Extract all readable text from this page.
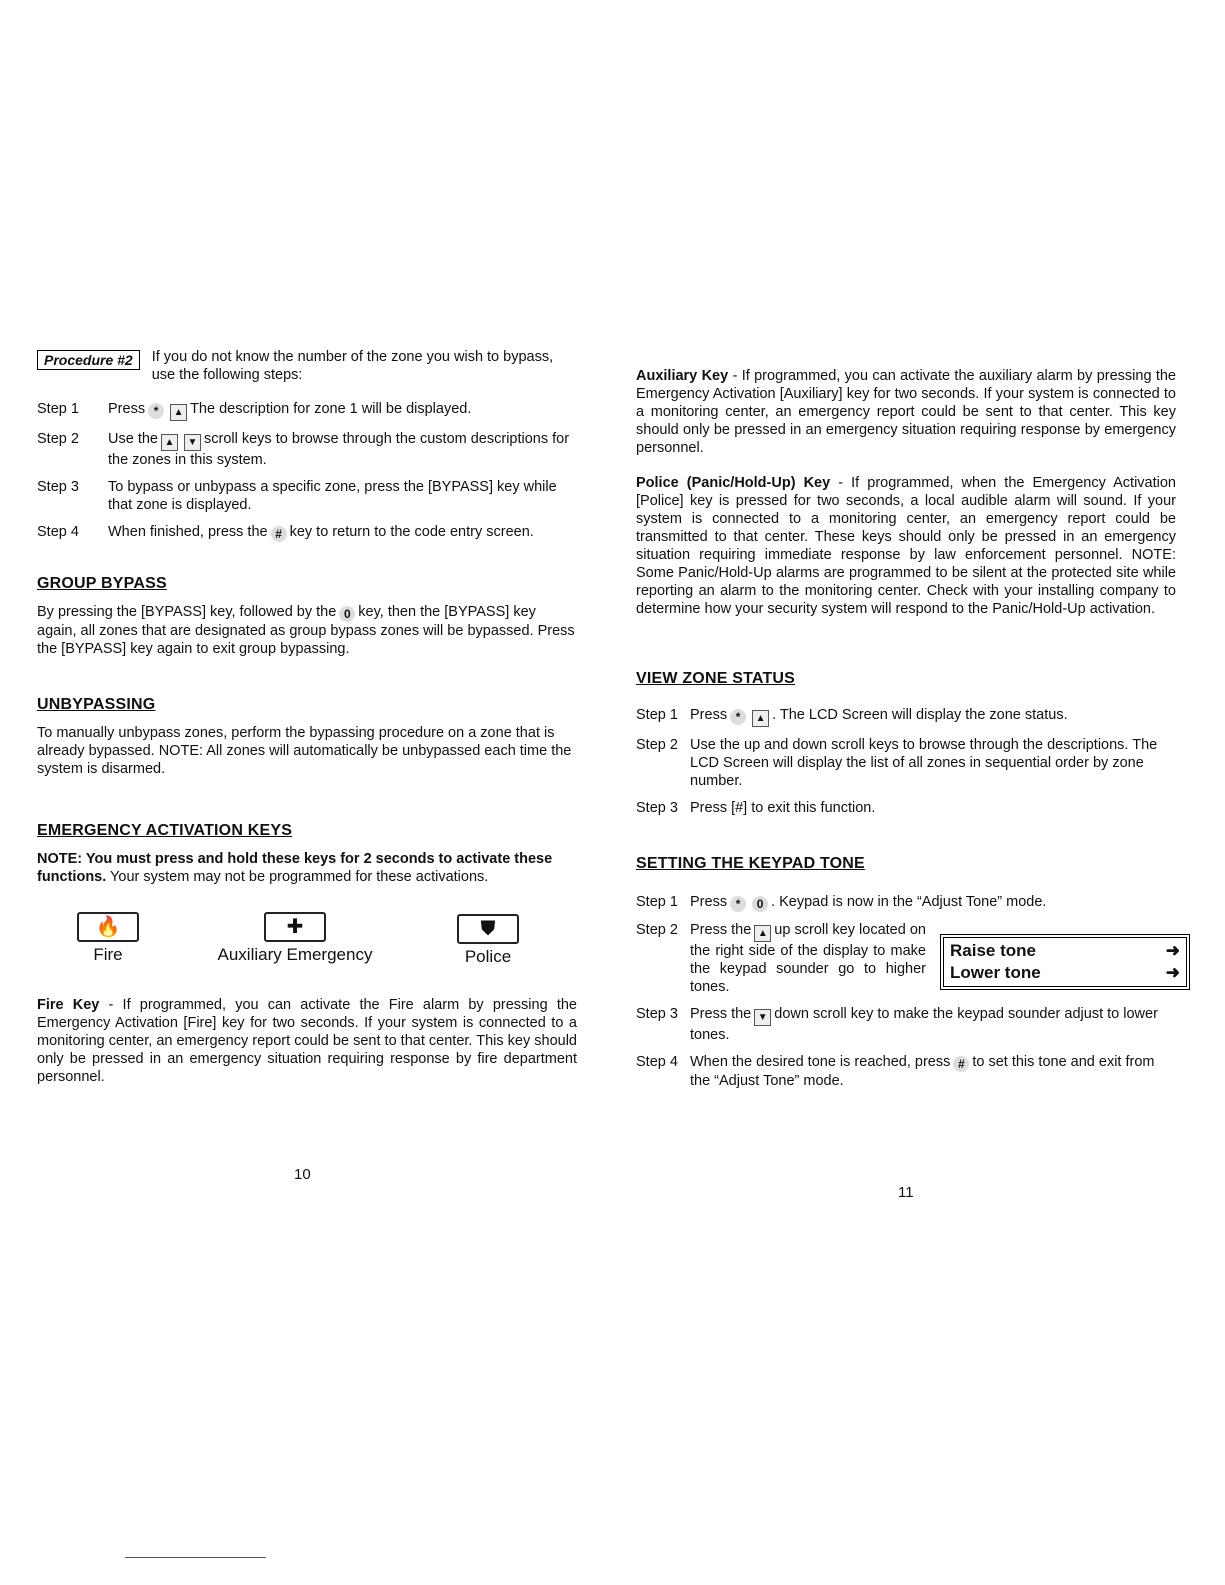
Procedure #2	If you do not know the number of the zone you wish to bypass, use the following steps:
Step 1	Press * ▲ The description for zone 1 will be displayed.
Step 2	Use the ▲ ▼ scroll keys to browse through the custom descriptions for the zones in this system.
Step 3	To bypass or unbypass a specific zone, press the [BYPASS] key while that zone is displayed.
Step 4	When finished, press the # key to return to the code entry screen.
GROUP BYPASS
By pressing the [BYPASS] key, followed by the 0 key, then the [BYPASS] key again, all zones that are designated as group bypass zones will be bypassed. Press the [BYPASS] key again to exit group bypassing.
UNBYPASSING
To manually unbypass zones, perform the bypassing procedure on a zone that is already bypassed. NOTE: All zones will automatically be unbypassed each time the system is disarmed.
EMERGENCY ACTIVATION KEYS
NOTE: You must press and hold these keys for 2 seconds to activate these functions. Your system may not be programmed for these activations.
🔥
Fire
✚
Auxiliary Emergency
⛊
Police
Fire Key - If programmed, you can activate the Fire alarm by pressing the Emergency Activation [Fire] key for two seconds. If your system is connected to a monitoring center, an emergency report could be sent to that center. This key should only be pressed in an emergency situation requiring response by fire department personnel.
10
Auxiliary Key - If programmed, you can activate the auxiliary alarm by pressing the Emergency Activation [Auxiliary] key for two seconds. If your system is connected to a monitoring center, an emergency report could be sent to that center. This key should only be pressed in an emergency situation requiring response by emergency personnel.
Police (Panic/Hold-Up) Key - If programmed, when the Emergency Activation [Police] key is pressed for two seconds, a local audible alarm will sound. If your system is connected to a monitoring center, an emergency report could be transmitted to that center. These keys should only be pressed in an emergency situation requiring immediate response by law enforcement personnel. NOTE: Some Panic/Hold-Up alarms are programmed to be silent at the protected site while reporting an alarm to the monitoring center. Check with your installing company to determine how your security system will respond to the Panic/Hold-Up activation.
VIEW ZONE STATUS
Step 1 Press * ▲ . The LCD Screen will display the zone status.
Step 2 Use the up and down scroll keys to browse through the descriptions. The LCD Screen will display the list of all zones in sequential order by zone number.
Step 3 Press [#] to exit this function.
SETTING THE KEYPAD TONE
Step 1 Press * 0 . Keypad is now in the “Adjust Tone” mode.
Step 2 Press the ▲ up scroll key located on the right side of the display to make the keypad sounder go to higher tones.
Step 3 Press the ▼ down scroll key to make the keypad sounder adjust to lower tones.
Step 4 When the desired tone is reached, press # to set this tone and exit from the “Adjust Tone” mode.
Raise tone	➜
Lower tone	➜
11
